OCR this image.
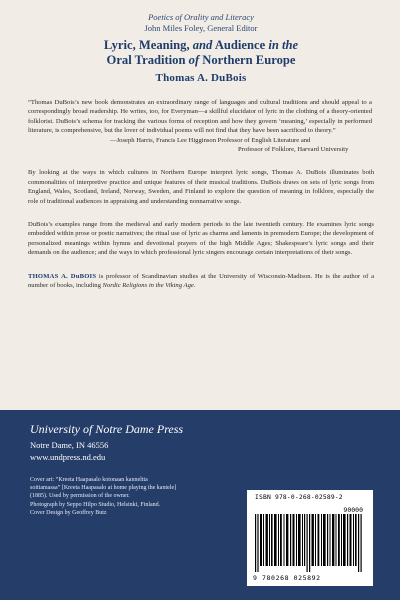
Poetics of Orality and Literacy
John Miles Foley, General Editor
Lyric, Meaning, and Audience in the
Oral Tradition of Northern Europe
Thomas A. DuBois
“Thomas DuBois’s new book demonstrates an extraordinary range of languages and cultural traditions and should appeal to a correspondingly broad readership. He writes, too, for Everyman—a skillful elucidator of lyric in the clothing of a theory-oriented folklorist. DuBois’s schema for tracking the various forms of reception and how they govern ‘meaning,’ especially in performed literature, is comprehensive, but the lover of individual poems will not find that they have been sacrificed to theory.”
—Joseph Harris, Francis Lee Higginson Professor of English Literature and
Professor of Folklore, Harvard University
By looking at the ways in which cultures in Northern Europe interpret lyric songs, Thomas A. DuBois illuminates both commonalities of interpretive practice and unique features of their musical traditions. DuBois draws on sets of lyric songs from England, Wales, Scotland, Ireland, Norway, Sweden, and Finland to explore the question of meaning in folklore, especially the role of traditional audiences in appraising and understanding nonnarrative songs.
DuBois’s examples range from the medieval and early modern periods to the late twentieth century. He examines lyric songs embedded within prose or poetic narratives; the ritual use of lyric as charms and laments in premodern Europe; the development of personalized meanings within hymns and devotional prayers of the high Middle Ages; Shakespeare’s lyric songs and their demands on the audience; and the ways in which professional lyric singers encourage certain interpretations of their songs.
THOMAS A. DuBOIS is professor of Scandinavian studies at the University of Wisconsin-Madison. He is the author of a number of books, including Nordic Religions in the Viking Age.
University of Notre Dame Press
Notre Dame, IN 46556
www.undpress.nd.edu
Cover art: “Kreeta Haapasalo kotonaan kanneltta
soittamassa” [Kreeta Haapasalo at home playing the kantele]
(1885). Used by permission of the owner.
Photograph by Seppo Hilpo Studio, Helsinki, Finland.
Cover Design by Geoffrey Butz
ISBN 978-0-268-02589-2
90000
9 780268 025892
